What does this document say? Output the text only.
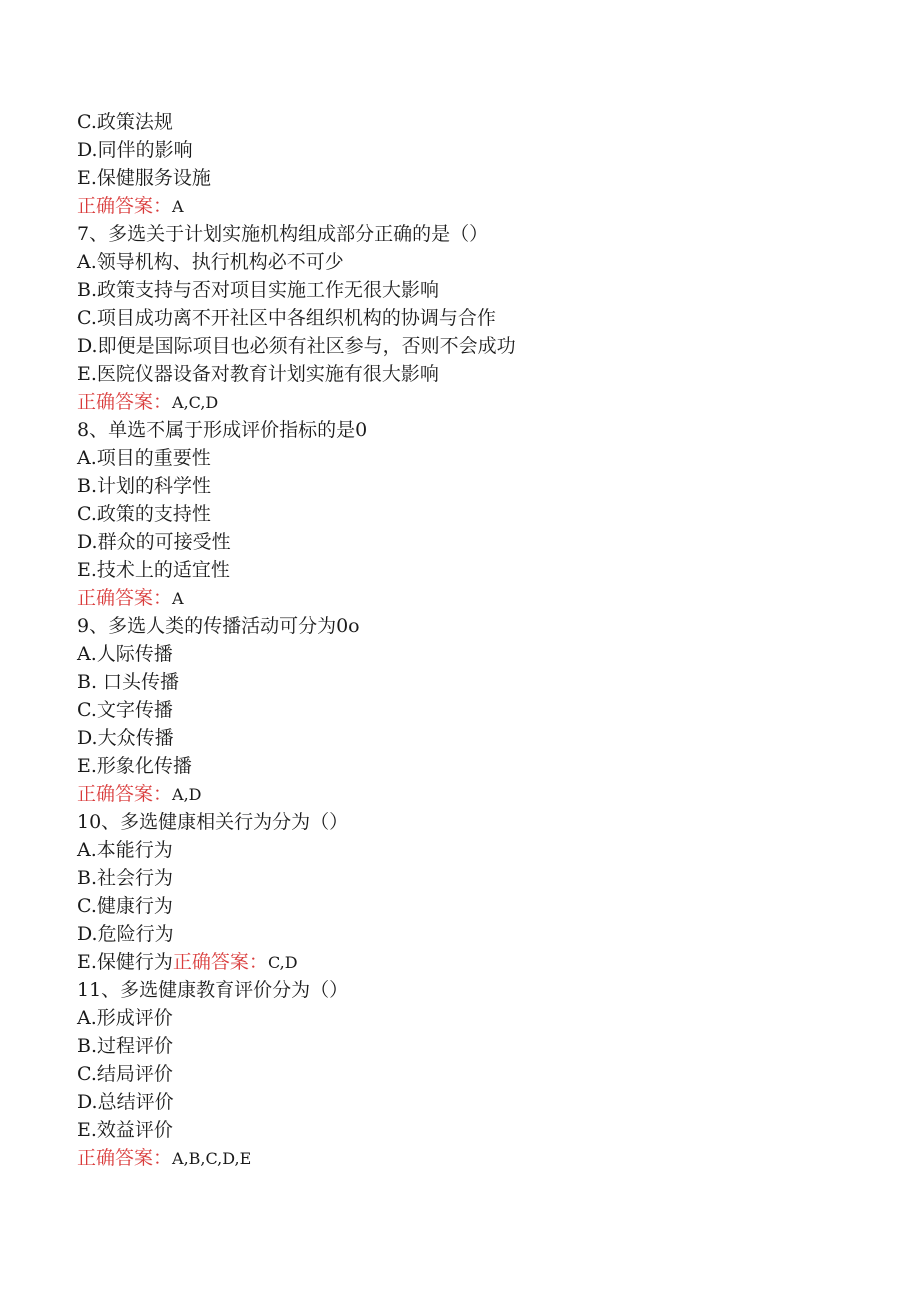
C.政策法规
D.同伴的影响
E.保健服务设施
正确答案：A
7、多选关于计划实施机构组成部分正确的是（）
A.领导机构、执行机构必不可少
B.政策支持与否对项目实施工作无很大影响
C.项目成功离不开社区中各组织机构的协调与合作
D.即便是国际项目也必须有社区参与，否则不会成功
E.医院仪器设备对教育计划实施有很大影响
正确答案：A,C,D
8、单选不属于形成评价指标的是0
A.项目的重要性
B.计划的科学性
C.政策的支持性
D.群众的可接受性
E.技术上的适宜性
正确答案：A
9、多选人类的传播活动可分为0o
A.人际传播
B. 口头传播
C.文字传播
D.大众传播
E.形象化传播
正确答案：A,D
10、多选健康相关行为分为（）
A.本能行为
B.社会行为
C.健康行为
D.危险行为
E.保健行为正确答案：C,D
11、多选健康教育评价分为（）
A.形成评价
B.过程评价
C.结局评价
D.总结评价
E.效益评价
正确答案：A,B,C,D,E
